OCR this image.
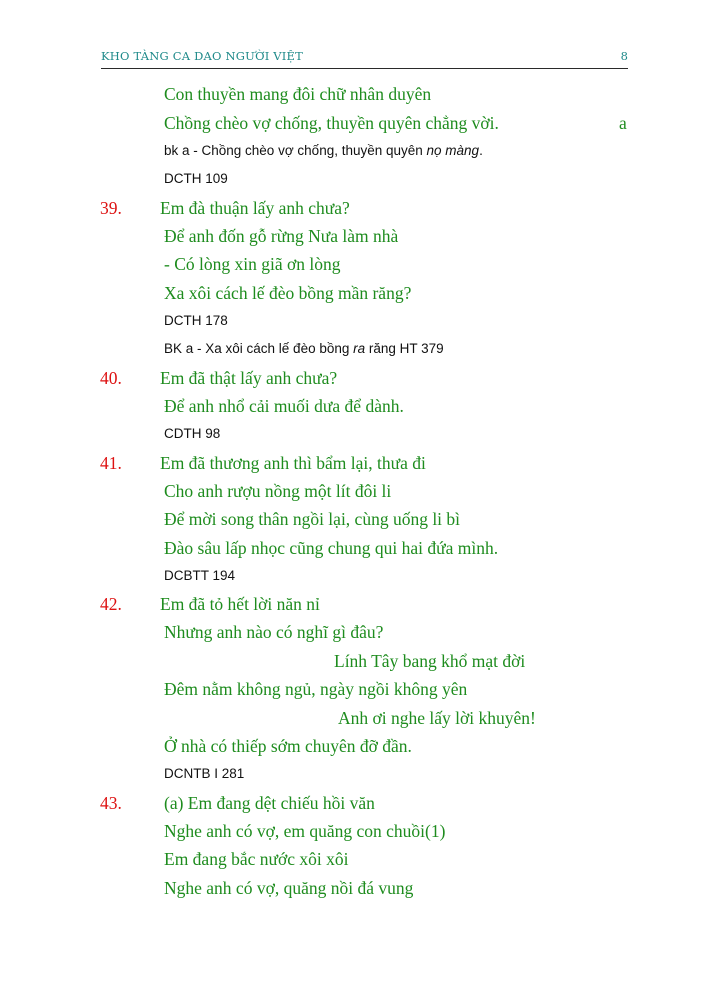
KHO TÀNG CA DAO NGƯỜI VIỆT	8
Con thuyền mang đôi chữ nhân duyên
Chồng chèo vợ chống, thuyền quyên chẳng vời.	a
bk a - Chồng chèo vợ chống, thuyền quyên nọ màng.
DCTH 109
39. Em đà thuận lấy anh chưa?
Để anh đốn gỗ rừng Nưa làm nhà
- Có lòng xin giã ơn lòng
Xa xôi cách lế đèo bồng mần răng?
DCTH 178
BK a - Xa xôi cách lế đèo bồng ra răng HT 379
40. Em đã thật lấy anh chưa?
Để anh nhổ cải muối dưa để dành.
CDTH 98
41. Em đã thương anh thì bẩm lại, thưa đi
Cho anh rượu nồng một lít đôi li
Để mời song thân ngồi lại, cùng uống li bì
Đào sâu lấp nhọc cũng chung qui hai đứa mình.
DCBTT 194
42. Em đã tỏ hết lời năn nỉ
Nhưng anh nào có nghĩ gì đâu?
Lính Tây bang khổ mạt đời
Đêm nằm không ngủ, ngày ngồi không yên
Anh ơi nghe lấy lời khuyên!
Ở nhà có thiếp sớm chuyên đỡ đần.
DCNTB I 281
43. (a) Em đang dệt chiếu hồi văn
Nghe anh có vợ, em quăng con chuồi(1)
Em đang bắc nước xôi xôi
Nghe anh có vợ, quăng nồi đá vung
